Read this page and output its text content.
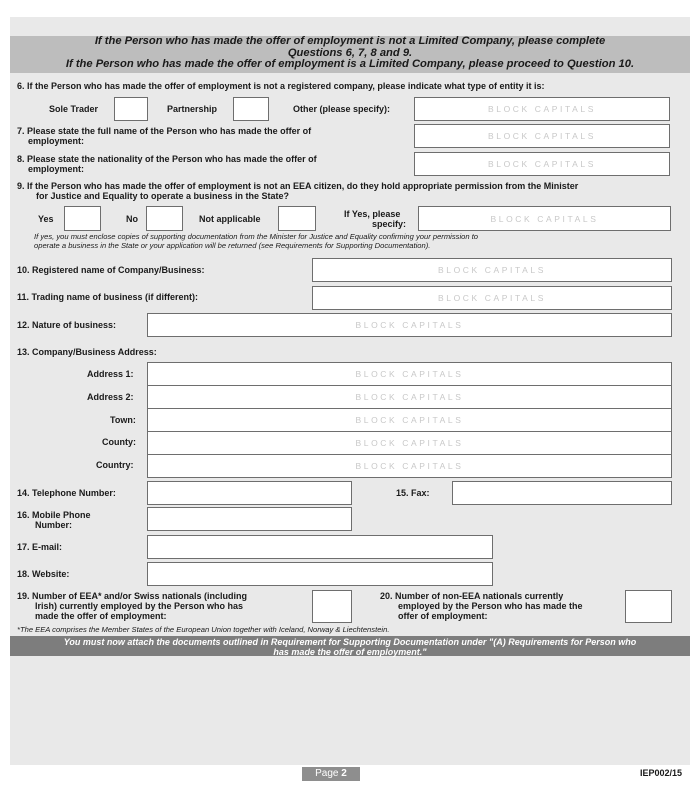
If the Person who has made the offer of employment is not a Limited Company, please complete
Questions 6, 7, 8 and 9.
If the Person who has made the offer of employment is a Limited Company, please proceed to Question 10.
6. If the Person who has made the offer of employment is not a registered company, please indicate what type of entity it is:
Sole Trader	Partnership	Other (please specify):	BLOCK CAPITALS
7. Please state the full name of the Person who has made the offer of
employment:	BLOCK CAPITALS
8. Please state the nationality of the Person who has made the offer of
employment:	BLOCK CAPITALS
9. If the Person who has made the offer of employment is not an EEA citizen, do they hold appropriate permission from the Minister
for Justice and Equality to operate a business in the State?
Yes	No	Not applicable	If Yes, please
specify:
BLOCK CAPITALS
If yes, you must enclose copies of supporting documentation from the Minister for Justice and Equality confirming your permission to
operate a business in the State or your application will be returned (see Requirements for Supporting Documentation).
10. Registered name of Company/Business:	BLOCK CAPITALS
11. Trading name of business (if different):	BLOCK CAPITALS
12. Nature of business:	BLOCK CAPITALS
13. Company/Business Address:
Address 1:	BLOCK CAPITALS
Address 2:	BLOCK CAPITALS
Town:	BLOCK CAPITALS
County:	BLOCK CAPITALS
Country:	BLOCK CAPITALS
14. Telephone Number:	15. Fax:
16. Mobile Phone
Number:
17. E-mail:
18. Website:
19. Number of EEA* and/or Swiss nationals (including
Irish) currently employed by the Person who has
made the offer of employment:
20. Number of non-EEA nationals currently
employed by the Person who has made the
offer of employment:
*The EEA comprises the Member States of the European Union together with Iceland, Norway & Liechtenstein.
You must now attach the documents outlined in Requirement for Supporting Documentation under "(A) Requirements for Person who
has made the offer of employment."
Page 2	IEP002/15
